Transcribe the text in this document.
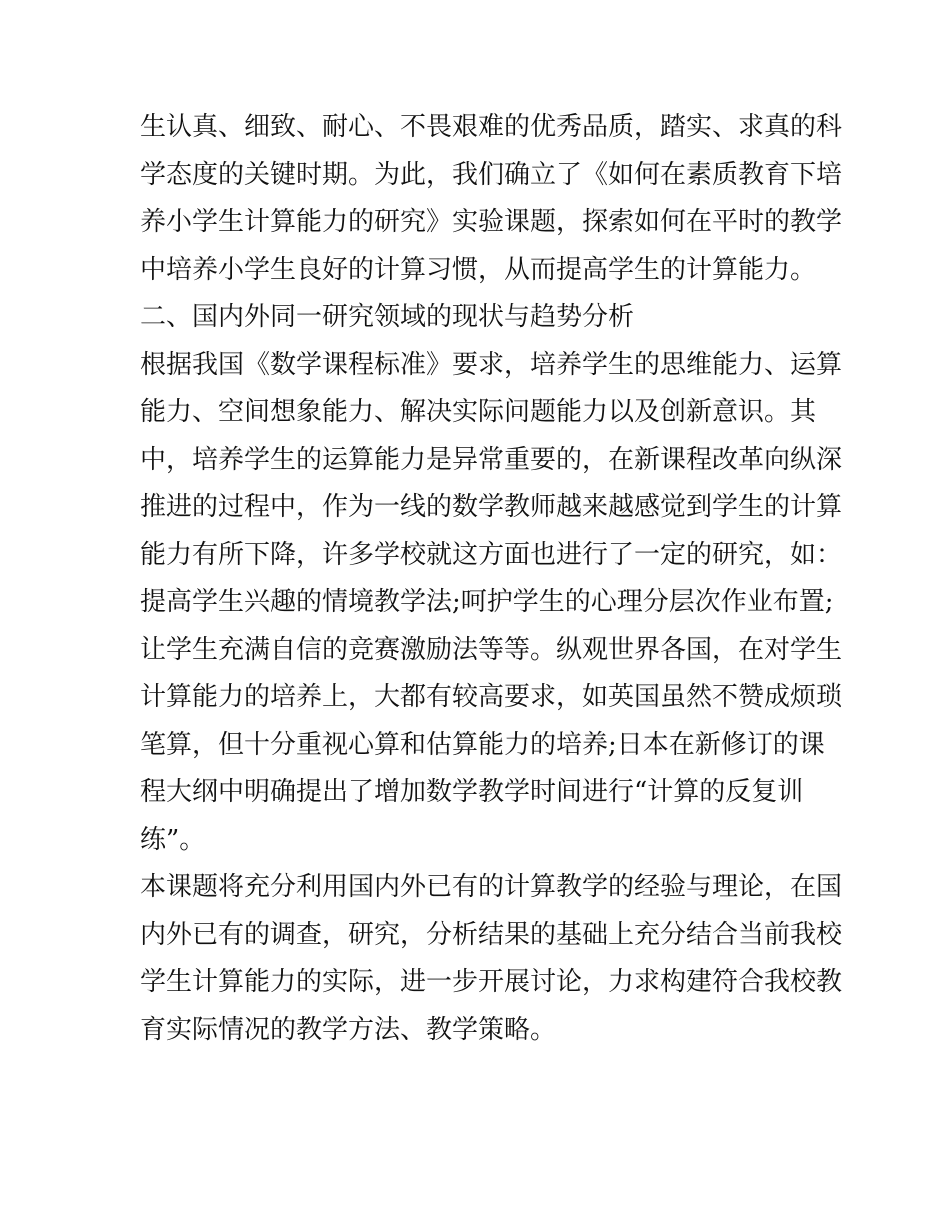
生认真、细致、耐心、不畏艰难的优秀品质，踏实、求真的科
学态度的关键时期。为此，我们确立了《如何在素质教育下培
养小学生计算能力的研究》实验课题，探索如何在平时的教学
中培养小学生良好的计算习惯，从而提高学生的计算能力。
二、国内外同一研究领域的现状与趋势分析
根据我国《数学课程标准》要求，培养学生的思维能力、运算
能力、空间想象能力、解决实际问题能力以及创新意识。其
中，培养学生的运算能力是异常重要的，在新课程改革向纵深
推进的过程中，作为一线的数学教师越来越感觉到学生的计算
能力有所下降，许多学校就这方面也进行了一定的研究，如：
提高学生兴趣的情境教学法;呵护学生的心理分层次作业布置;
让学生充满自信的竞赛激励法等等。纵观世界各国，在对学生
计算能力的培养上，大都有较高要求，如英国虽然不赞成烦琐
笔算，但十分重视心算和估算能力的培养;日本在新修订的课
程大纲中明确提出了增加数学教学时间进行“计算的反复训
练”。
本课题将充分利用国内外已有的计算教学的经验与理论，在国
内外已有的调查，研究，分析结果的基础上充分结合当前我校
学生计算能力的实际，进一步开展讨论，力求构建符合我校教
育实际情况的教学方法、教学策略。
